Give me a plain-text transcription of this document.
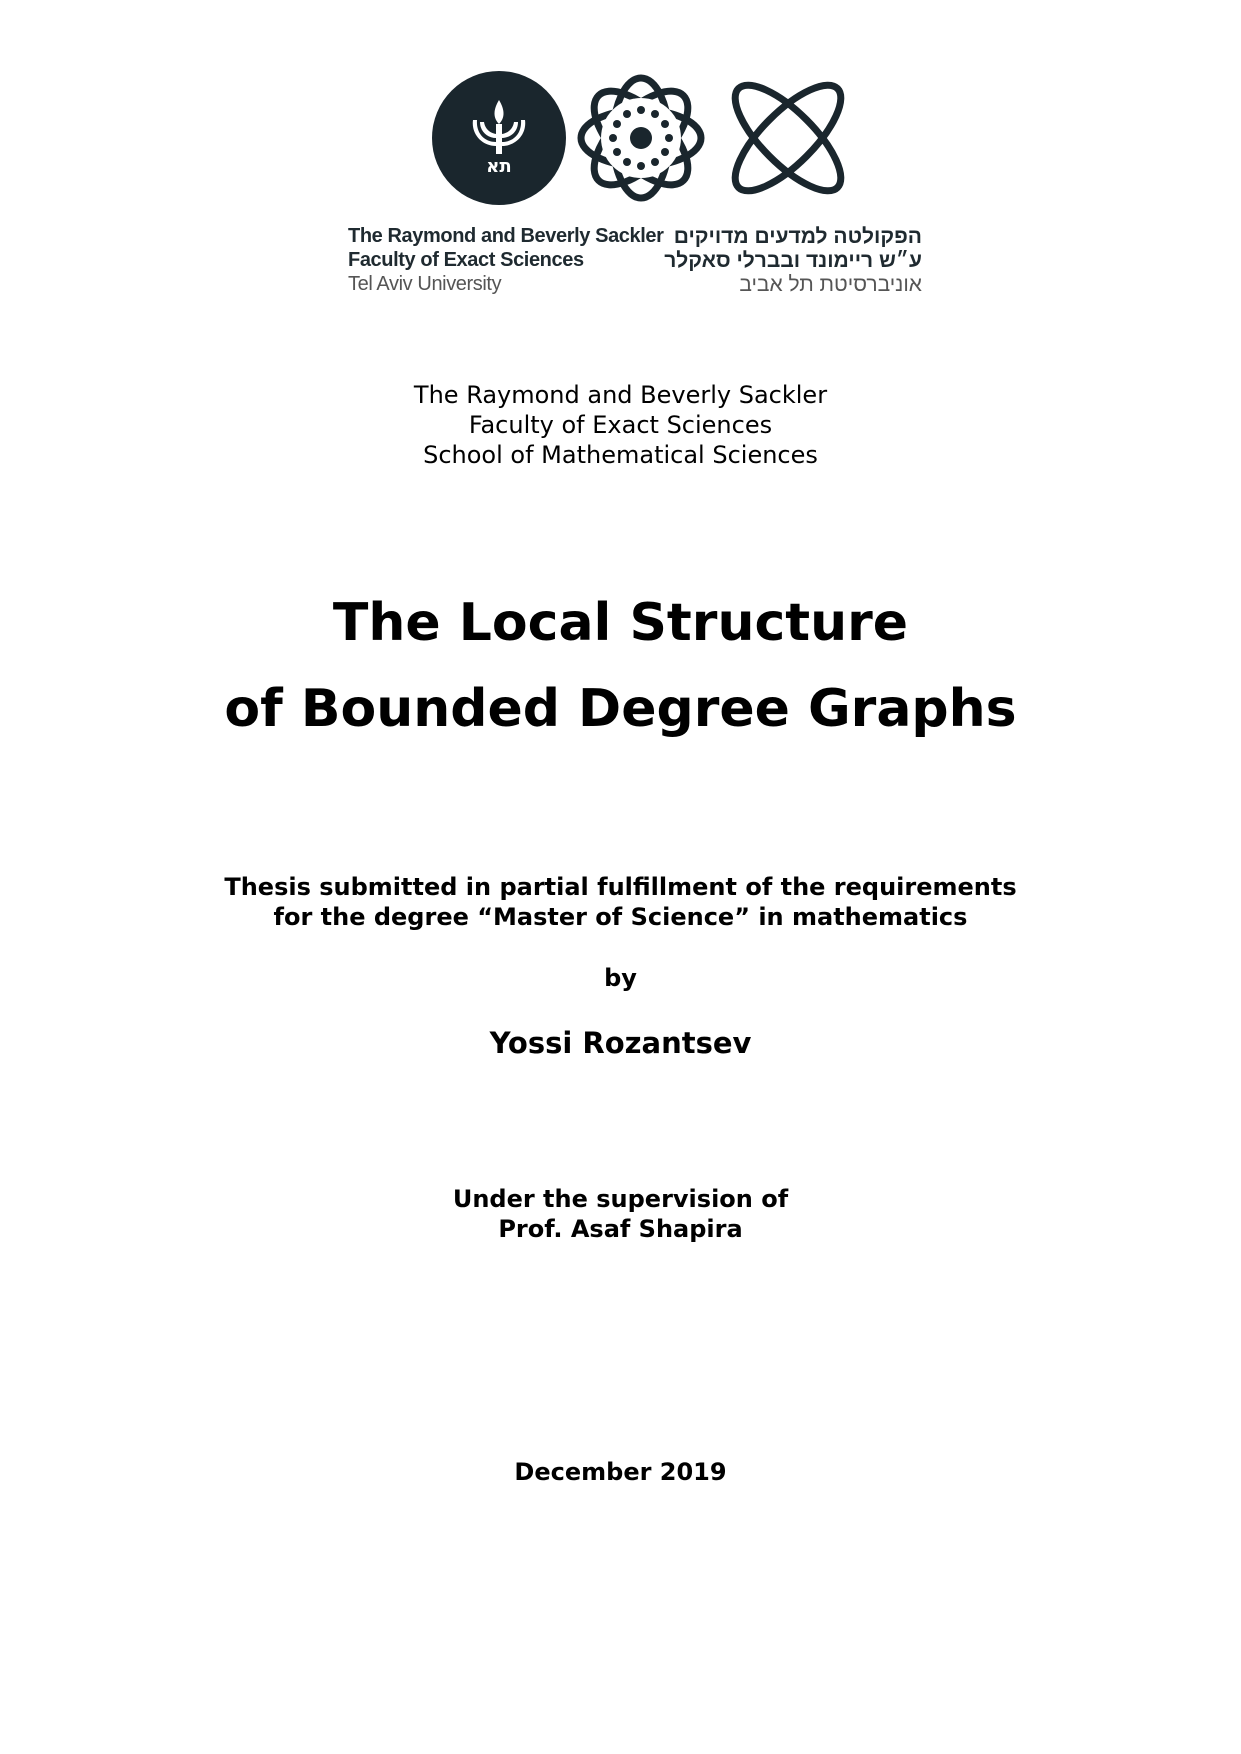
תא
The Raymond and Beverly Sackler
Faculty of Exact Sciences
Tel Aviv University
הפקולטה למדעים מדויקים
ע״ש ריימונד ובברלי סאקלר
אוניברסיטת תל אביב
The Raymond and Beverly Sackler
Faculty of Exact Sciences
School of Mathematical Sciences
The Local Structure
of Bounded Degree Graphs
Thesis submitted in partial fulfillment of the requirements
for the degree “Master of Science” in mathematics
by
Yossi Rozantsev
Under the supervision of
Prof. Asaf Shapira
December 2019
